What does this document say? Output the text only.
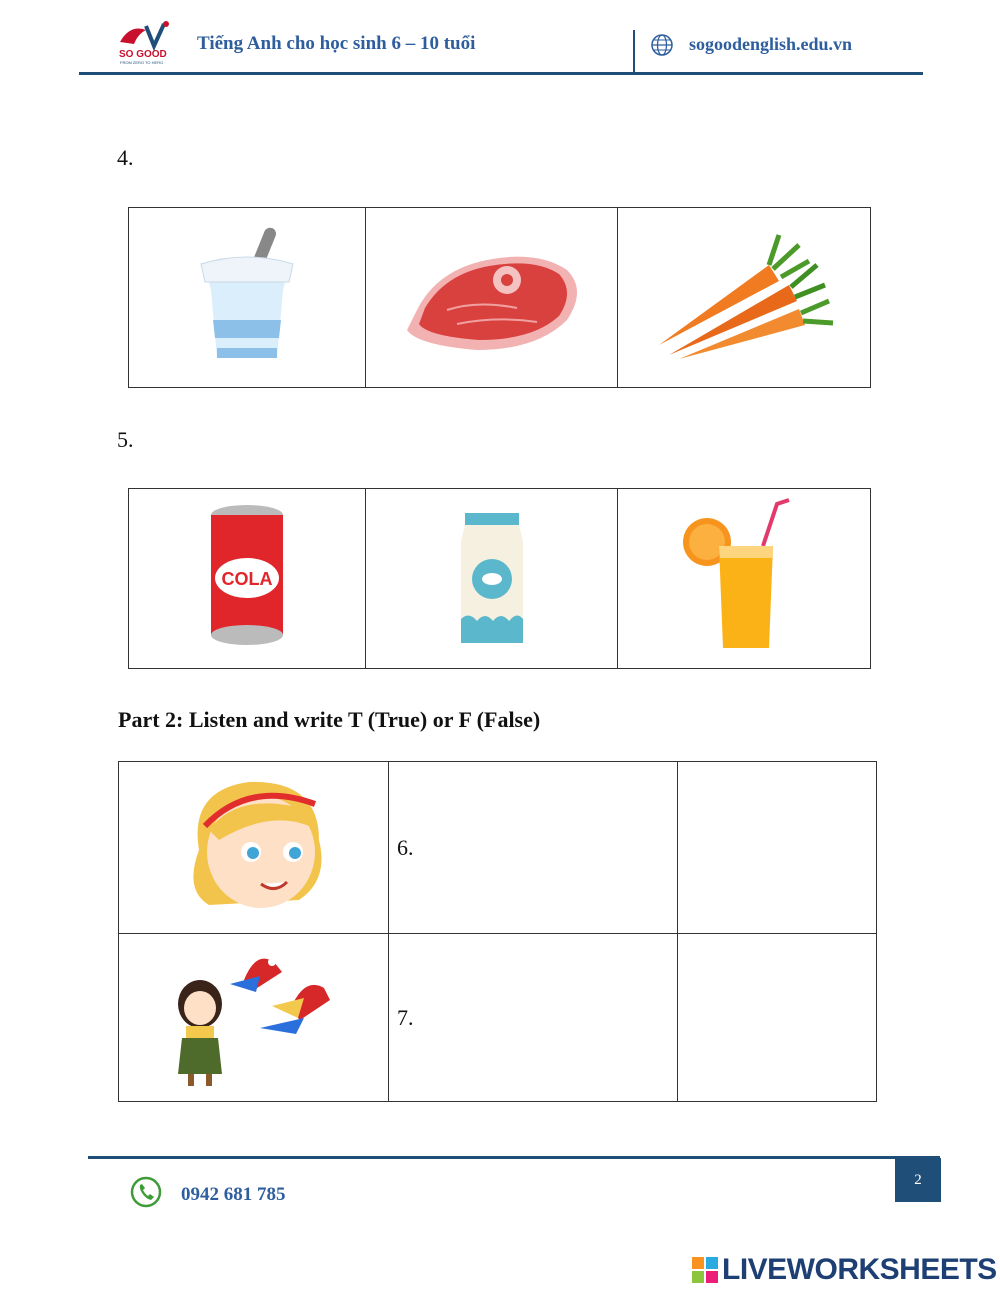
SO GOOD
FROM ZERO TO HERO
Tiếng Anh cho học sinh 6 – 10 tuổi	sogoodenglish.edu.vn
4.

5.
COLA

Part 2: Listen and write T (True) or F (False)
	6.	
	7.	
2
0942 681 785
LIVEWORKSHEETS
